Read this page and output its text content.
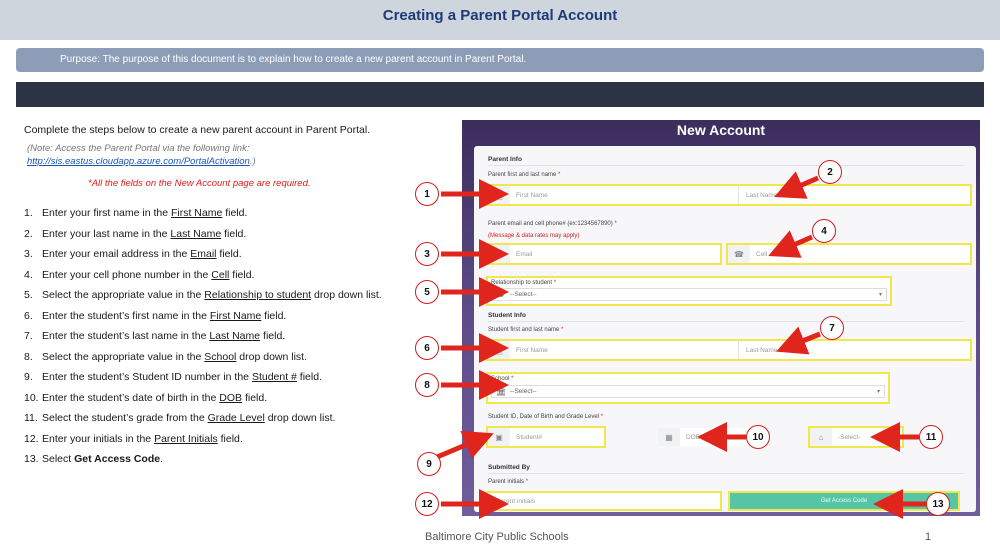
Creating a Parent Portal Account
Purpose: The purpose of this document is to explain how to create a new parent account in Parent Portal.
Complete the steps below to create a new parent account in Parent Portal.
(Note: Access the Parent Portal via the following link:
http://sis.eastus.cloudapp.azure.com/PortalActivation.)
*All the fields on the New Account page are required.
1. Enter your first name in the First Name field.
2. Enter your last name in the Last Name field.
3. Enter your email address in the Email field.
4. Enter your cell phone number in the Cell field.
5. Select the appropriate value in the Relationship to student drop down list.
6. Enter the student’s first name in the First Name field.
7. Enter the student’s last name in the Last Name field.
8. Select the appropriate value in the School drop down list.
9. Enter the student’s Student ID number in the Student # field.
10. Enter the student’s date of birth in the DOB field.
11. Select the student’s grade from the Grade Level drop down list.
12. Enter your initials in the Parent Initials field.
13. Select Get Access Code.
New Account
Parent Info
Parent first and last name *
👤︎	First Name	Last Name
Parent email and cell phone# (ex:1234567890) *
(Message & data rates may apply)
@	Email	☎︎	Cell
Relationship to student *
⚉ --Select--	▾
Student Info
Student first and last name *
👤︎	First Name	Last Name
School *
🏛︎ --Select--	▾
Student ID, Date of Birth and Grade Level *
▣	Student#	▦	DOB	⌂	-Select-
Submitted By
Parent initials *
Parent initials	Get Access Code
1
2
3
4
5
6
7
8
9
10	11
12	13
Baltimore City Public Schools	1
